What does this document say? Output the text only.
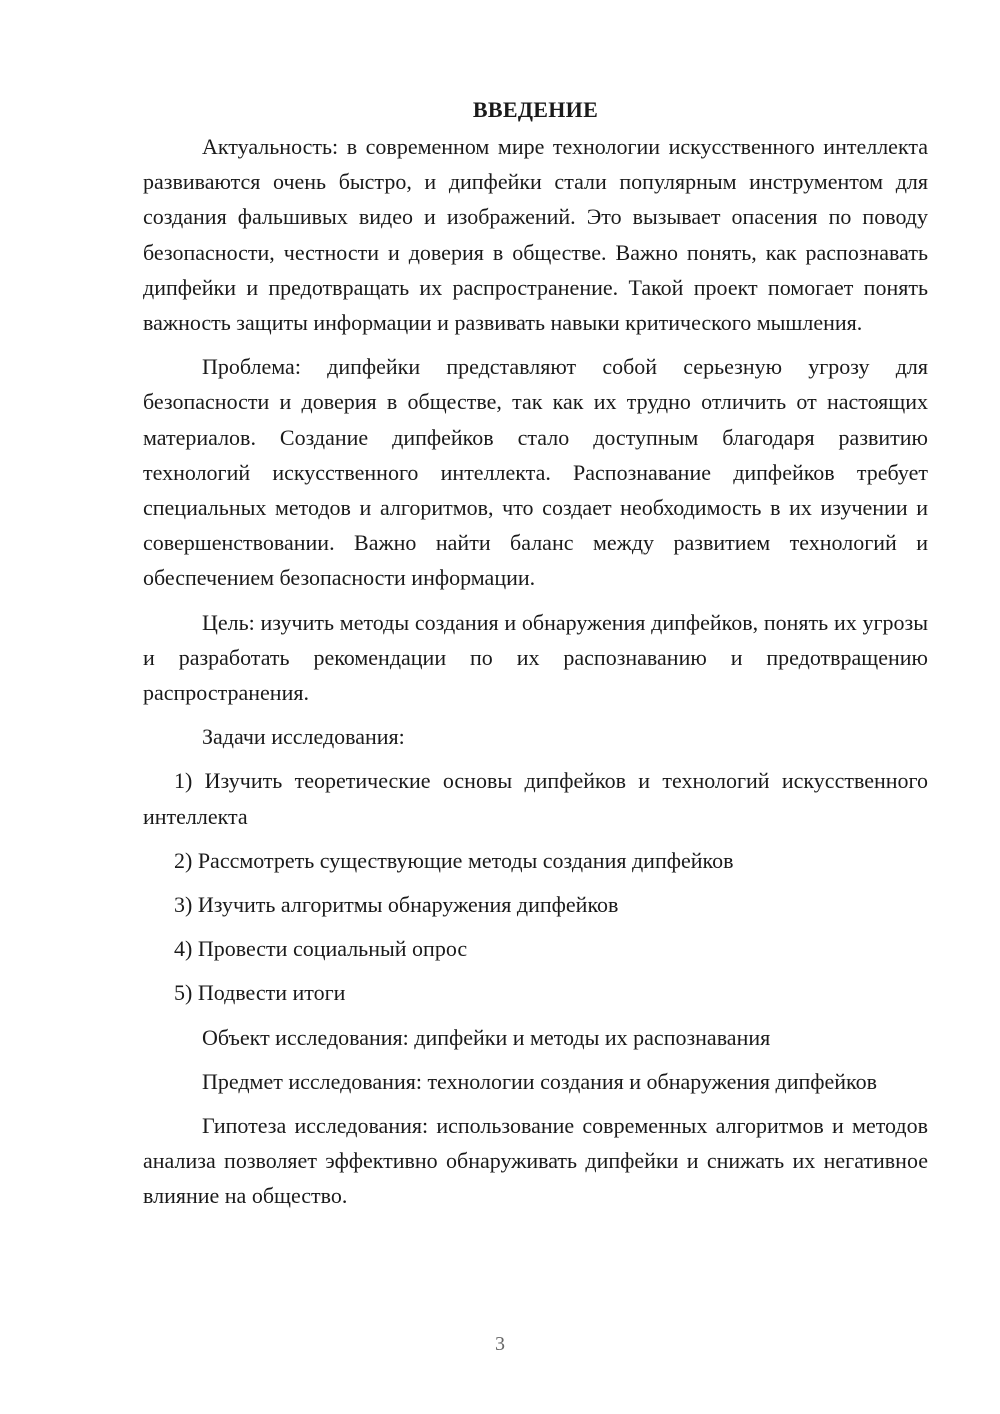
ВВЕДЕНИЕ

Актуальность: в современном мире технологии искусственного интеллекта развиваются очень быстро, и дипфейки стали популярным инструментом для создания фальшивых видео и изображений. Это вызывает опасения по поводу безопасности, честности и доверия в обществе. Важно понять, как распознавать дипфейки и предотвращать их распространение. Такой проект помогает понять важность защиты информации и развивать навыки критического мышления.

Проблема: дипфейки представляют собой серьезную угрозу для безопасности и доверия в обществе, так как их трудно отличить от настоящих материалов. Создание дипфейков стало доступным благодаря развитию технологий искусственного интеллекта. Распознавание дипфейков требует специальных методов и алгоритмов, что создает необходимость в их изучении и совершенствовании. Важно найти баланс между развитием технологий и обеспечением безопасности информации.

Цель: изучить методы создания и обнаружения дипфейков, понять их угрозы и разработать рекомендации по их распознаванию и предотвращению распространения.

Задачи исследования:

1) Изучить теоретические основы дипфейков и технологий искусственного интеллекта

2) Рассмотреть существующие методы создания дипфейков

3) Изучить алгоритмы обнаружения дипфейков

4) Провести социальный опрос

5) Подвести итоги

Объект исследования: дипфейки и методы их распознавания

Предмет исследования: технологии создания и обнаружения дипфейков

Гипотеза исследования: использование современных алгоритмов и методов анализа позволяет эффективно обнаруживать дипфейки и снижать их негативное влияние на общество.

3
